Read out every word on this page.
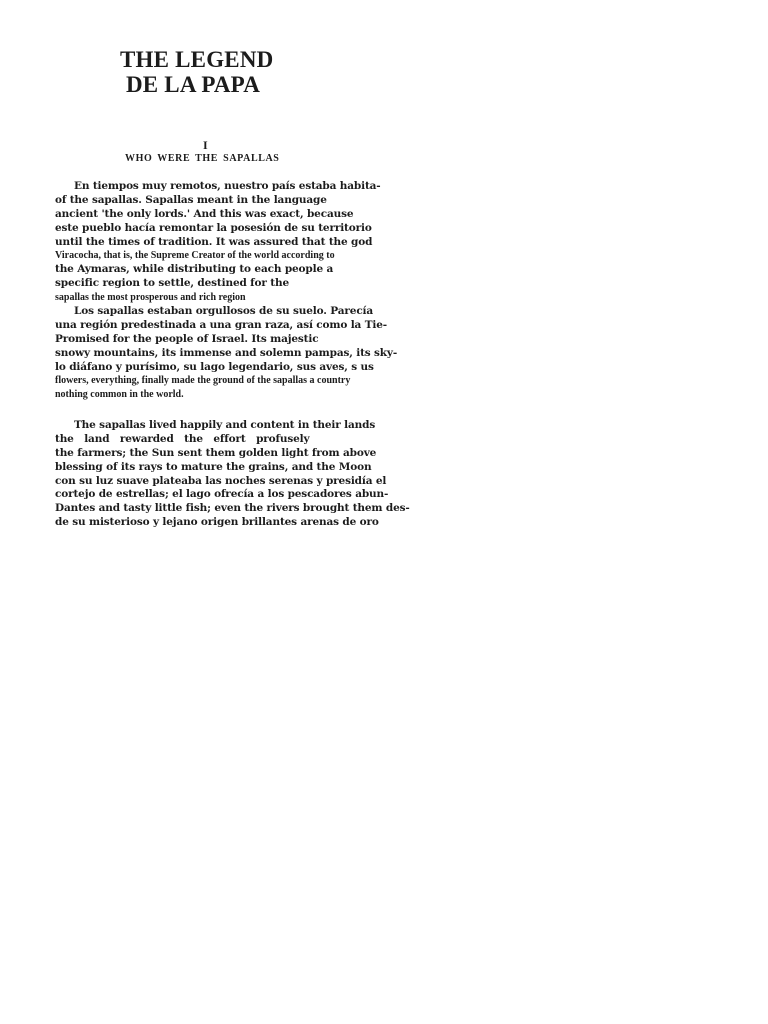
THE LEGEND
DE LA PAPA
I
WHO WERE THE SAPALLAS
En tiempos muy remotos, nuestro país estaba habita-
of the sapallas. Sapallas meant in the language
ancient 'the only lords.' And this was exact, because
este pueblo hacía remontar la posesión de su territorio
until the times of tradition. It was assured that the god
Viracocha, that is, the Supreme Creator of the world according to
the Aymaras, while distributing to each people a
specific region to settle, destined for the
sapallas the most prosperous and rich region
Los sapallas estaban orgullosos de su suelo. Parecía
una región predestinada a una gran raza, así como la Tie-
Promised for the people of Israel. Its majestic
snowy mountains, its immense and solemn pampas, its sky-
lo diáfano y purísimo, su lago legendario, sus aves, s us
flowers, everything, finally made the ground of the sapallas a country
nothing common in the world.
The sapallas lived happily and content in their lands
the land rewarded the effort profusely
the farmers; the Sun sent them golden light from above
blessing of its rays to mature the grains, and the Moon
con su luz suave plateaba las noches serenas y presidía el
cortejo de estrellas; el lago ofrecía a los pescadores abun-
Dantes and tasty little fish; even the rivers brought them des-
de su misterioso y lejano origen brillantes arenas de oro
